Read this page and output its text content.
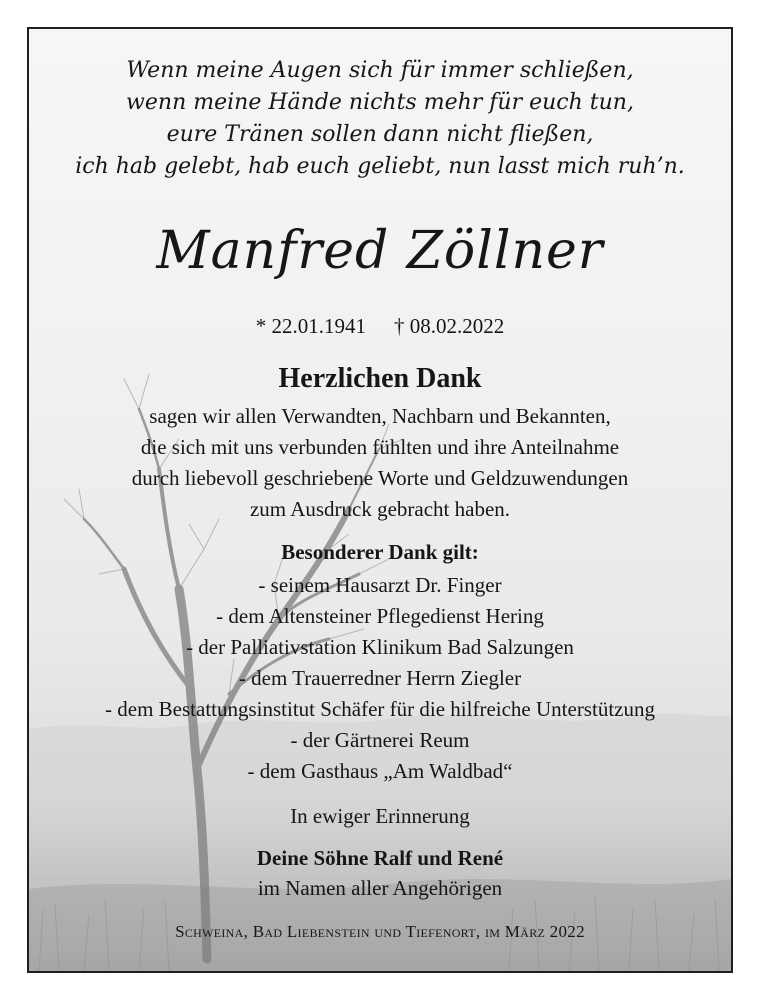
Wenn meine Augen sich für immer schließen,
wenn meine Hände nichts mehr für euch tun,
eure Tränen sollen dann nicht fließen,
ich hab gelebt, hab euch geliebt, nun lasst mich ruh’n.
Manfred Zöllner
* 22.01.1941 † 08.02.2022
Herzlichen Dank
sagen wir allen Verwandten, Nachbarn und Bekannten,
die sich mit uns verbunden fühlten und ihre Anteilnahme
durch liebevoll geschriebene Worte und Geldzuwendungen
zum Ausdruck gebracht haben.
Besonderer Dank gilt:
- seinem Hausarzt Dr. Finger
- dem Altensteiner Pflegedienst Hering
- der Palliativstation Klinikum Bad Salzungen
- dem Trauerredner Herrn Ziegler
- dem Bestattungsinstitut Schäfer für die hilfreiche Unterstützung
- der Gärtnerei Reum
- dem Gasthaus „Am Waldbad“
In ewiger Erinnerung
Deine Söhne Ralf und René
im Namen aller Angehörigen
Schweina, Bad Liebenstein und Tiefenort, im März 2022
